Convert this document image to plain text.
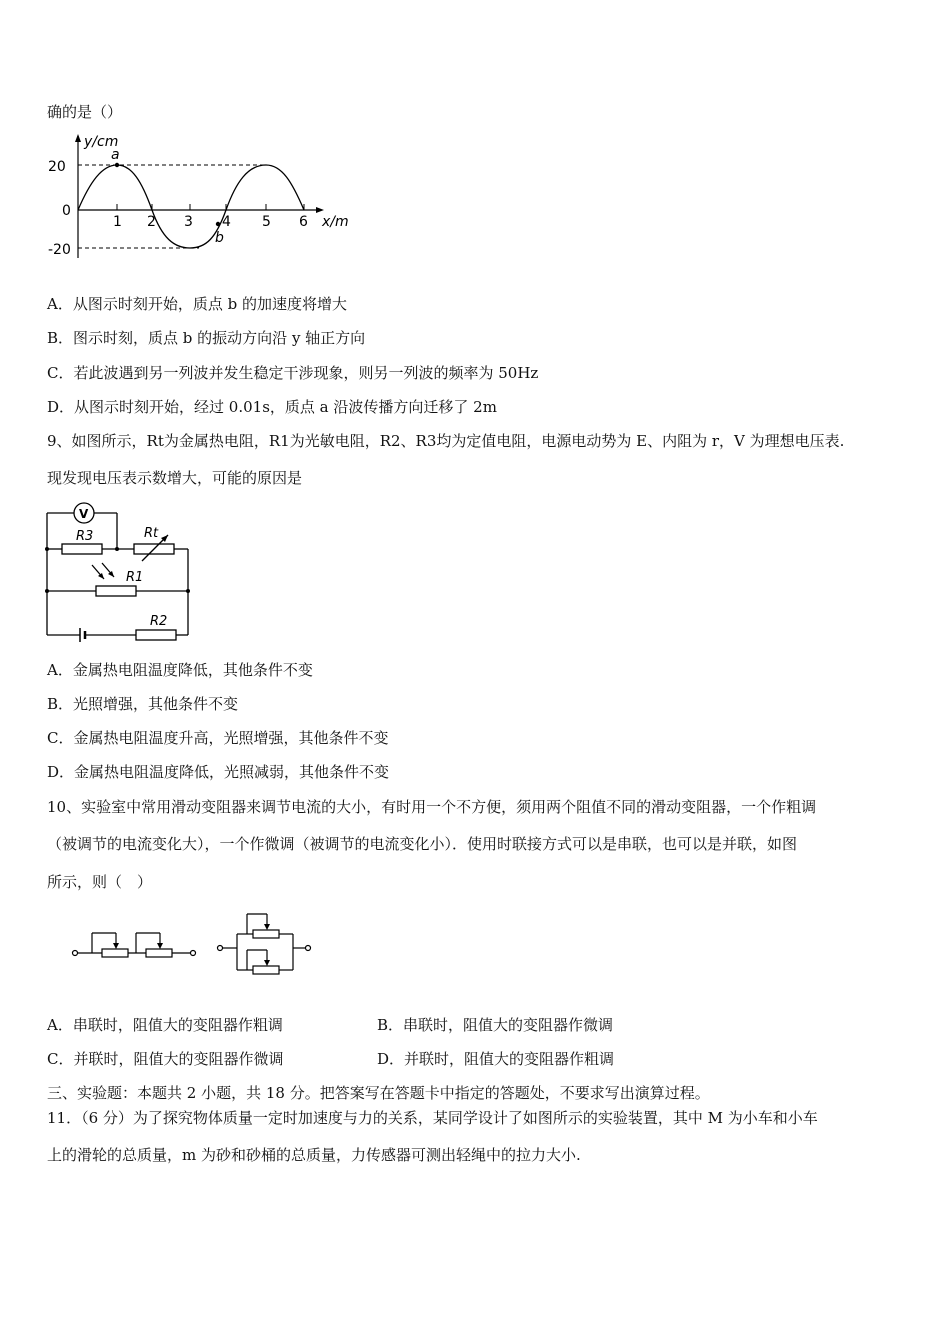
确的是（）
y/cm
20
0
-20
1 2 3 4 5 6 x/m
a
b
A．从图示时刻开始，质点 b 的加速度将增大
B．图示时刻，质点 b 的振动方向沿 y 轴正方向
C．若此波遇到另一列波并发生稳定干涉现象，则另一列波的频率为 50Hz
D．从图示时刻开始，经过 0.01s，质点 a 沿波传播方向迁移了 2m
9、如图所示，Rt为金属热电阻，R1为光敏电阻，R2、R3均为定值电阻，电源电动势为 E、内阻为 r，V 为理想电压表.
现发现电压表示数增大，可能的原因是
V
R3	Rt
R1
R2
A．金属热电阻温度降低，其他条件不变
B．光照增强，其他条件不变
C．金属热电阻温度升高，光照增强，其他条件不变
D．金属热电阻温度降低，光照减弱，其他条件不变
10、实验室中常用滑动变阻器来调节电流的大小，有时用一个不方便，须用两个阻值不同的滑动变阻器，一个作粗调
（被调节的电流变化大），一个作微调（被调节的电流变化小）．使用时联接方式可以是串联，也可以是并联，如图
所示，则（　）
A．串联时，阻值大的变阻器作粗调	B．串联时，阻值大的变阻器作微调
C．并联时，阻值大的变阻器作微调	D．并联时，阻值大的变阻器作粗调
三、实验题：本题共 2 小题，共 18 分。把答案写在答题卡中指定的答题处，不要求写出演算过程。
11．（6 分）为了探究物体质量一定时加速度与力的关系，某同学设计了如图所示的实验装置，其中 M 为小车和小车
上的滑轮的总质量，m 为砂和砂桶的总质量，力传感器可测出轻绳中的拉力大小.
